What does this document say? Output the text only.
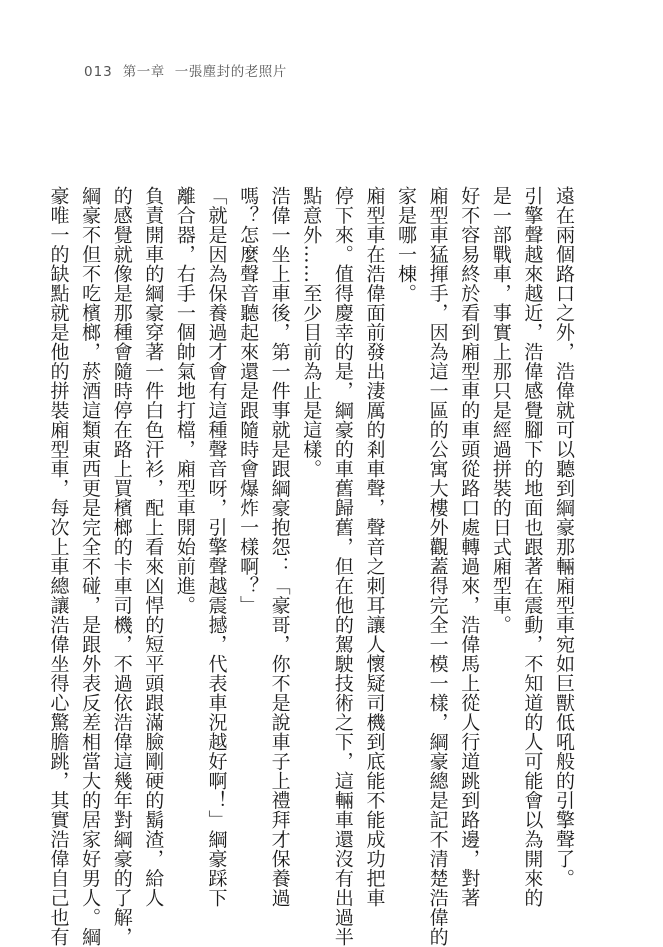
013 第一章 一張塵封的老照片

遠在兩個路口之外，浩偉就可以聽到綱豪那輛廂型車宛如巨獸低吼般的引擎聲了。

引擎聲越來越近，浩偉感覺腳下的地面也跟著在震動，不知道的人可能會以為開來的

是一部戰車，事實上那只是經過拼裝的日式廂型車。

好不容易終於看到廂型車的車頭從路口處轉過來，浩偉馬上從人行道跳到路邊，對著

廂型車猛揮手，因為這一區的公寓大樓外觀蓋得完全一模一樣，綱豪總是記不清楚浩偉的

家是哪一棟。

廂型車在浩偉面前發出淒厲的剎車聲，聲音之刺耳讓人懷疑司機到底能不能成功把車

停下來。值得慶幸的是，綱豪的車舊歸舊，但在他的駕駛技術之下，這輛車還沒有出過半

點意外……至少目前為止是這樣。

浩偉一坐上車後，第一件事就是跟綱豪抱怨：「豪哥，你不是說車子上禮拜才保養過

嗎？怎麼聲音聽起來還是跟隨時會爆炸一樣啊？」

「就是因為保養過才會有這種聲音呀，引擎聲越震撼，代表車況越好啊！」綱豪踩下

離合器，右手一個帥氣地打檔，廂型車開始前進。

負責開車的綱豪穿著一件白色汗衫，配上看來凶悍的短平頭跟滿臉剛硬的鬍渣，給人

的感覺就像是那種會隨時停在路上買檳榔的卡車司機，不過依浩偉這幾年對綱豪的了解，

綱豪不但不吃檳榔，菸酒這類東西更是完全不碰，是跟外表反差相當大的居家好男人。綱

豪唯一的缺點就是他的拼裝廂型車，每次上車總讓浩偉坐得心驚膽跳，其實浩偉自己也有
